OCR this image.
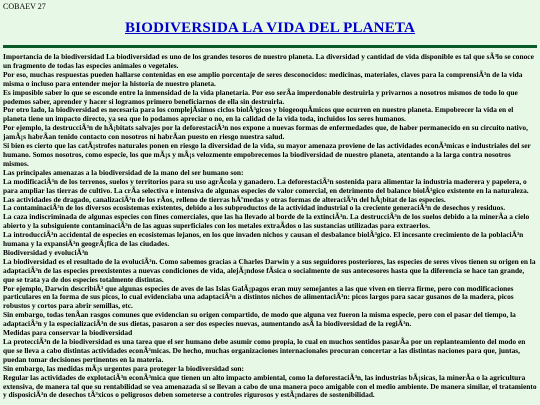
COBAEV 27
BIODIVERSIDA LA VIDA DEL PLANETA

Importancia de la biodiversidad La biodiversidad es uno de los grandes tesoros de nuestro planeta. La diversidad y cantidad de vida disponible es tal que sÃ³lo se conoce un fragmento de todas las especies animales o vegetales.

Por eso, muchas respuestas pueden hallarse contenidas en ese amplio porcentaje de seres desconocidos: medicinas, materiales, claves para la comprensiÃ³n de la vida misma o incluso para entender mejor la historia de nuestro planeta.

Es imposible saber lo que se esconde entre la inmensidad de la vida planetaria. Por eso serÃa imperdonable destruirla y privarnos a nosotros mismos de todo lo que podemos saber, aprender y hacer si logramos primero beneficiarnos de ella sin destruirla.

Por otro lado, la biodiversidad es necesaria para los complejÃsimos ciclos biolÃ³gicos y biogeoquÃmicos que ocurren en nuestro planeta. Empobrecer la vida en el planeta tiene un impacto directo, ya sea que lo podamos apreciar o no, en la calidad de la vida toda, incluidos los seres humanos.

Por ejemplo, la destrucciÃ³n de hÃ¡bitats salvajes por la deforestaciÃ³n nos expone a nuevas formas de enfermedades que, de haber permanecido en su circuito nativo, jamÃ¡s habrÃan tenido contacto con nosotros ni habrÃan puesto en riesgo nuestra salud.

Si bien es cierto que las catÃ¡strofes naturales ponen en riesgo la diversidad de la vida, su mayor amenaza proviene de las actividades econÃ³micas e industriales del ser humano. Somos nosotros, como especie, los que mÃ¡s y mÃ¡s velozmente empobrecemos la biodiversidad de nuestro planeta, atentando a la larga contra nosotros mismos.

Las principales amenazas a la biodiversidad de la mano del ser humano son:

La modificaciÃ³n de los terrenos, suelos y territorios para su uso agrÃcola y ganadero. La deforestaciÃ³n sostenida para alimentar la industria maderera y papelera, o para ampliar las tierras de cultivo. La crÃa selectiva e intensiva de algunas especies de valor comercial, en detrimento del balance biolÃ³gico existente en la naturaleza.

Las actividades de dragado, canalizaciÃ³n de los rÃos, relleno de tierras hÃºmedas y otras formas de alteraciÃ³n del hÃ¡bitat de las especies.

La contaminaciÃ³n de los diversos ecosistemas existentes, debido a los subproductos de la actividad industrial o la creciente generaciÃ³n de desechos y residuos.

La caza indiscriminada de algunas especies con fines comerciales, que las ha llevado al borde de la extinciÃ³n. La destrucciÃ³n de los suelos debido a la minerÃa a cielo abierto y la subsiguiente contaminaciÃ³n de las aguas superficiales con los metales extraÃdos o las sustancias utilizadas para extraerlos.

La introducciÃ³n accidental de especies en ecosistemas lejanos, en los que invaden nichos y causan el desbalance biolÃ³gico. El incesante crecimiento de la poblaciÃ³n humana y la expansiÃ³n geogrÃ¡fica de las ciudades.

Biodiversidad y evoluciÃ³n

La biodiversidad es el resultado de la evoluciÃ³n. Como sabemos gracias a Charles Darwin y a sus seguidores posteriores, las especies de seres vivos tienen su origen en la adaptaciÃ³n de las especies preexistentes a nuevas condiciones de vida, alejÃ¡ndose fÃsica o socialmente de sus antecesores hasta que la diferencia se hace tan grande, que se trata ya de dos especies totalmente distintas.

Por ejemplo, Darwin describiÃ³ que algunas especies de aves de las Islas GalÃ¡pagos eran muy semejantes a las que viven en tierra firme, pero con modificaciones particulares en la forma de sus picos, lo cual evidenciaba una adaptaciÃ³n a distintos nichos de alimentaciÃ³n: picos largos para sacar gusanos de la madera, picos robustos y cortos para abrir semillas, etc.

Sin embargo, todas tenÃan rasgos comunes que evidencian su origen compartido, de modo que alguna vez fueron la misma especie, pero con el pasar del tiempo, la adaptaciÃ³n y la especializaciÃ³n de sus dietas, pasaron a ser dos especies nuevas, aumentando asÃ la biodiversidad de la regiÃ³n.

Medidas para conservar la biodiversidad

La protecciÃ³n de la biodiversidad es una tarea que el ser humano debe asumir como propia, lo cual en muchos sentidos pasarÃa por un replanteamiento del modo en que se lleva a cabo distintas actividades econÃ³micas. De hecho, muchas organizaciones internacionales procuran concertar a las distintas naciones para que, juntas, puedan tomar decisiones pertinentes en la materia.

Sin embargo, las medidas mÃ¡s urgentes para proteger la biodiversidad son:

Regular las actividades de explotaciÃ³n econÃ³mica que tienen un alto impacto ambiental, como la deforestaciÃ³n, las industrias bÃ¡sicas, la minerÃa o la agricultura extensiva, de manera tal que su rentabilidad se vea amenazada si se llevan a cabo de una manera poco amigable con el medio ambiente. De manera similar, el tratamiento y disposiciÃ³n de desechos tÃ³xicos o peligrosos deben someterse a controles rigurosos y estÃ¡ndares de sostenibilidad.
